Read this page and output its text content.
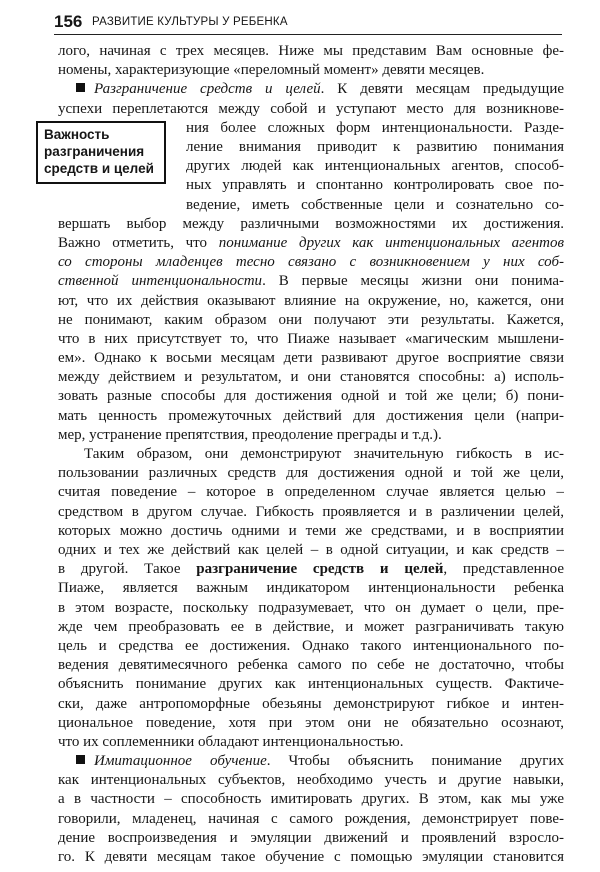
156 РАЗВИТИЕ КУЛЬТУРЫ У РЕБЕНКА
Важность
разграничения
средств и целей
лого, начиная с трех месяцев. Ниже мы представим Вам основные фе-
номены, характеризующие «переломный момент» девяти месяцев.
Разграничение средств и целей. К девяти месяцам предыдущие
успехи переплетаются между собой и уступают место для возникнове-
ния более сложных форм интенциональности. Разде-
ление внимания приводит к развитию понимания
других людей как интенциональных агентов, способ-
ных управлять и спонтанно контролировать свое по-
ведение, иметь собственные цели и сознательно со-
вершать выбор между различными возможностями их достижения.
Важно отметить, что понимание других как интенциональных агентов
со стороны младенцев тесно связано с возникновением у них соб-
ственной интенциональности. В первые месяцы жизни они понима-
ют, что их действия оказывают влияние на окружение, но, кажется, они
не понимают, каким образом они получают эти результаты. Кажется,
что в них присутствует то, что Пиаже называет «магическим мышлени-
ем». Однако к восьми месяцам дети развивают другое восприятие связи
между действием и результатом, и они становятся способны: а) исполь-
зовать разные способы для достижения одной и той же цели; б) пони-
мать ценность промежуточных действий для достижения цели (напри-
мер, устранение препятствия, преодоление преграды и т.д.).
Таким образом, они демонстрируют значительную гибкость в ис-
пользовании различных средств для достижения одной и той же цели,
считая поведение – которое в определенном случае является целью –
средством в другом случае. Гибкость проявляется и в различении целей,
которых можно достичь одними и теми же средствами, и в восприятии
одних и тех же действий как целей – в одной ситуации, и как средств –
в другой. Такое разграничение средств и целей, представленное
Пиаже, является важным индикатором интенциональности ребенка
в этом возрасте, поскольку подразумевает, что он думает о цели, пре-
жде чем преобразовать ее в действие, и может разграничивать такую
цель и средства ее достижения. Однако такого интенционального по-
ведения девятимесячного ребенка самого по себе не достаточно, чтобы
объяснить понимание других как интенциональных существ. Фактиче-
ски, даже антропоморфные обезьяны демонстрируют гибкое и интен-
циональное поведение, хотя при этом они не обязательно осознают,
что их соплеменники обладают интенциональностью.
Имитационное обучение. Чтобы объяснить понимание других
как интенциональных субъектов, необходимо учесть и другие навыки,
а в частности – способность имитировать других. В этом, как мы уже
говорили, младенец, начиная с самого рождения, демонстрирует пове-
дение воспроизведения и эмуляции движений и проявлений взросло-
го. К девяти месяцам такое обучение с помощью эмуляции становится
